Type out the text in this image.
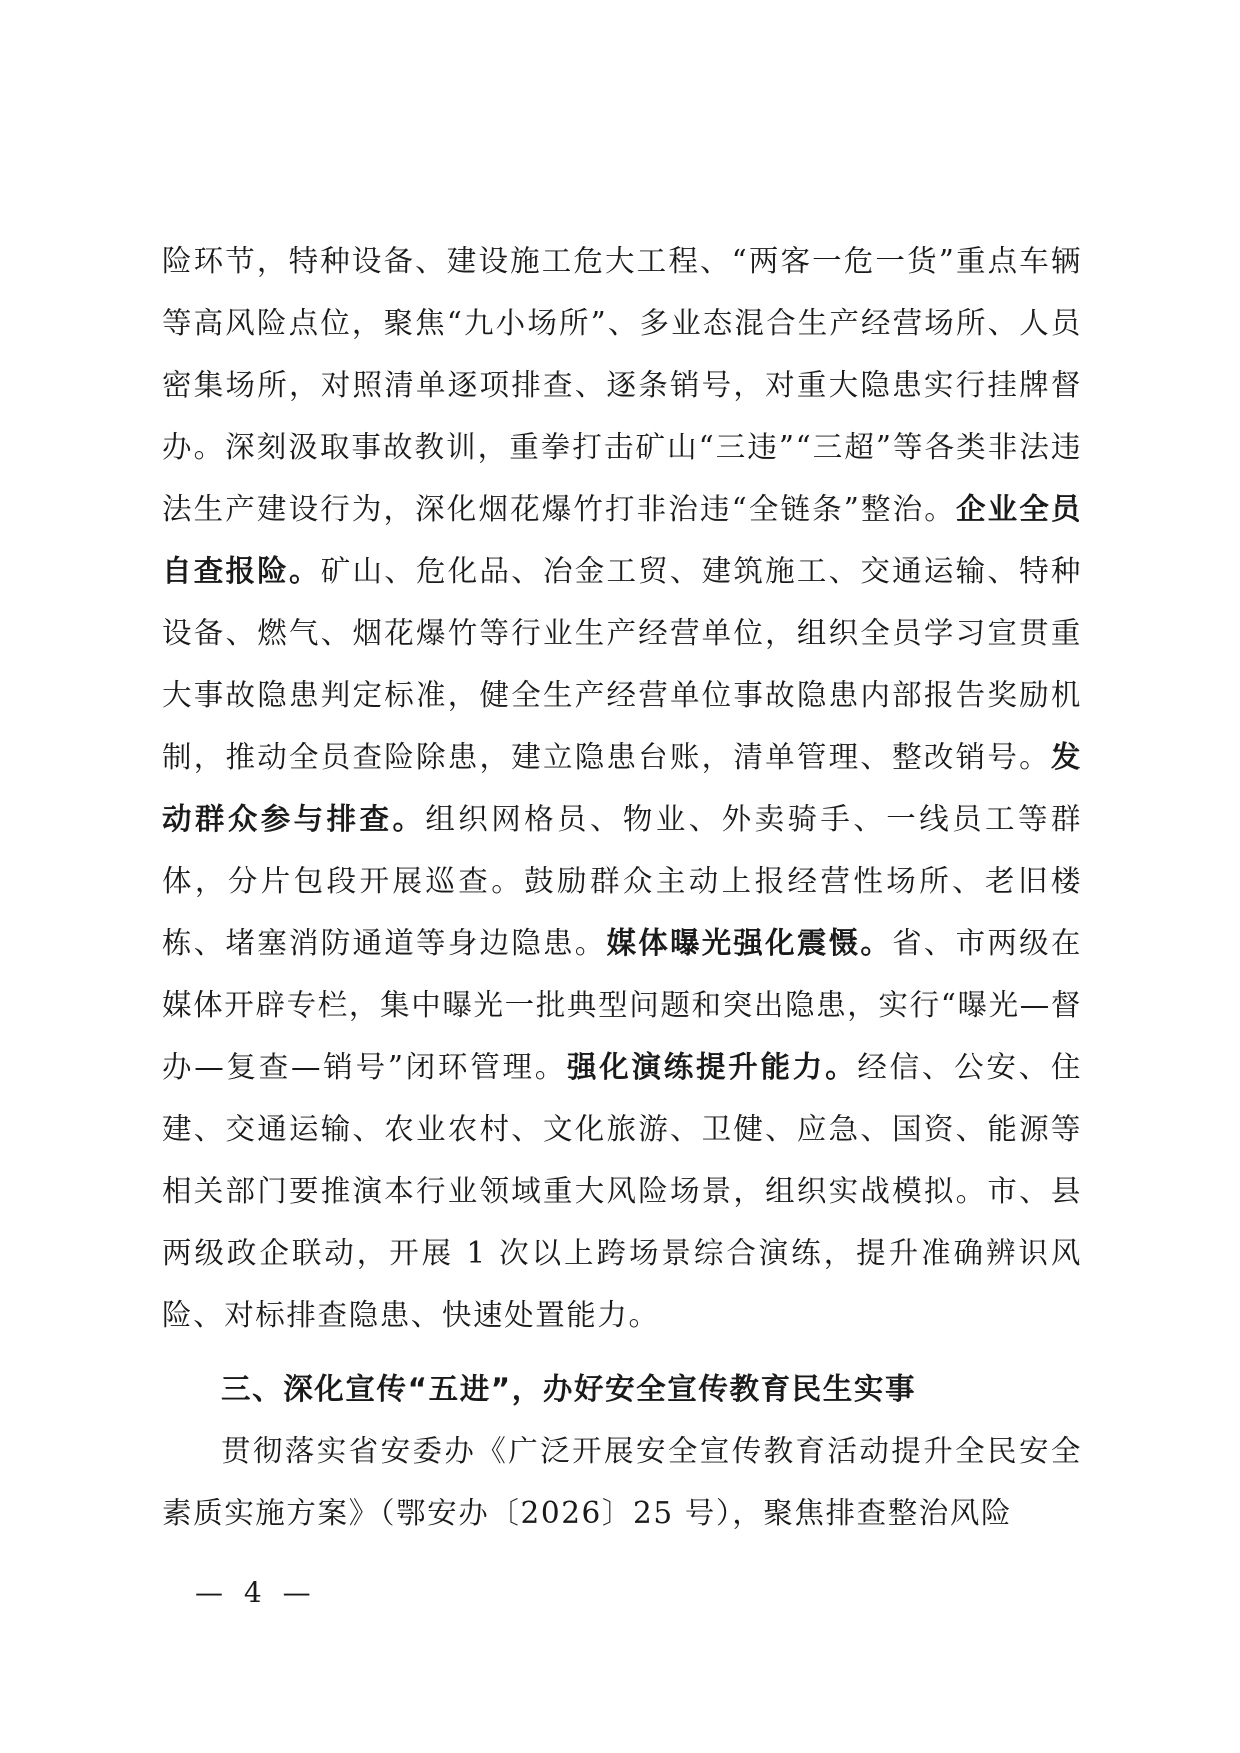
险环节，特种设备、建设施工危大工程、“两客一危一货”重点车辆等高风险点位，聚焦“九小场所”、多业态混合生产经营场所、人员密集场所，对照清单逐项排查、逐条销号，对重大隐患实行挂牌督办。深刻汲取事故教训，重拳打击矿山“三违”“三超”等各类非法违法生产建设行为，深化烟花爆竹打非治违“全链条”整治。企业全员自查报险。矿山、危化品、冶金工贸、建筑施工、交通运输、特种设备、燃气、烟花爆竹等行业生产经营单位，组织全员学习宣贯重大事故隐患判定标准，健全生产经营单位事故隐患内部报告奖励机制，推动全员查险除患，建立隐患台账，清单管理、整改销号。发动群众参与排查。组织网格员、物业、外卖骑手、一线员工等群体，分片包段开展巡查。鼓励群众主动上报经营性场所、老旧楼栋、堵塞消防通道等身边隐患。媒体曝光强化震慑。省、市两级在媒体开辟专栏，集中曝光一批典型问题和突出隐患，实行“曝光—督办—复查—销号”闭环管理。强化演练提升能力。经信、公安、住建、交通运输、农业农村、文化旅游、卫健、应急、国资、能源等相关部门要推演本行业领域重大风险场景，组织实战模拟。市、县两级政企联动，开展 1 次以上跨场景综合演练，提升准确辨识风险、对标排查隐患、快速处置能力。

三、深化宣传“五进”，办好安全宣传教育民生实事

贯彻落实省安委办《广泛开展安全宣传教育活动提升全民安全素质实施方案》（鄂安办〔2026〕25 号），聚焦排查整治风险

— 4 —
